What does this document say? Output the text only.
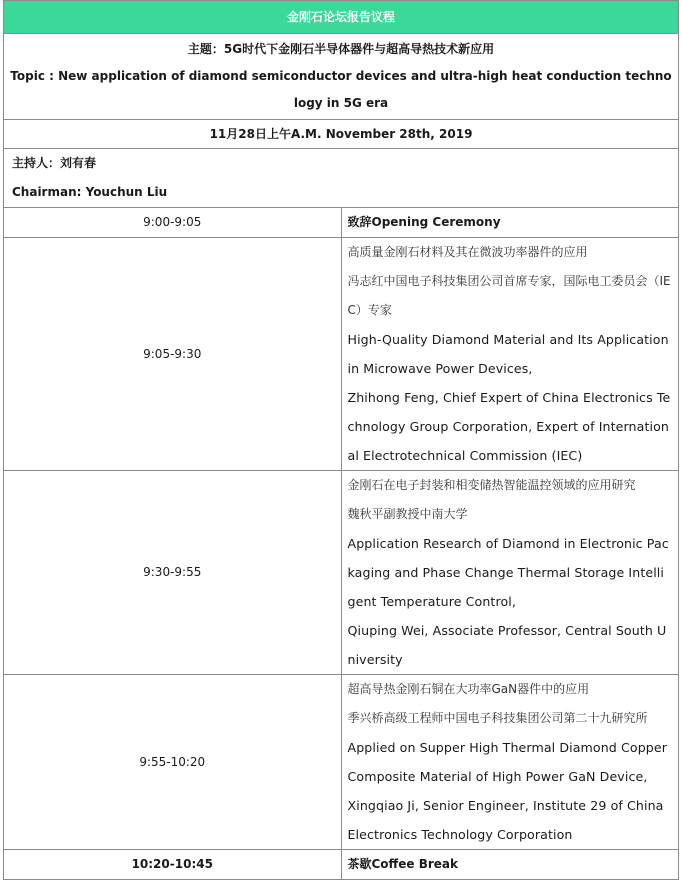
金刚石论坛报告议程	

主题：5G时代下金刚石半导体器件与超高导热技术新应用
Topic : New application of diamond semiconductor devices and ultra-high heat conduction technology in 5G era	

11月28日上午A.M. November 28th, 2019	

主持人：刘有春
Chairman: Youchun Liu	

9:00-9:05	致辞Opening Ceremony
9:05-9:30	高质量金刚石材料及其在微波功率器件的应用
冯志红中国电子科技集团公司首席专家，国际电工委员会（IEC）专家
High-Quality Diamond Material and Its Application in Microwave Power Devices,
Zhihong Feng, Chief Expert of China Electronics Technology Group Corporation, Expert of International Electrotechnical Commission (IEC)

9:30-9:55	金刚石在电子封装和相变储热智能温控领域的应用研究
魏秋平副教授中南大学
Application Research of Diamond in Electronic Packaging and Phase Change Thermal Storage Intelligent Temperature Control,
Qiuping Wei, Associate Professor, Central South University

9:55-10:20	超高导热金刚石铜在大功率GaN器件中的应用
季兴桥高级工程师中国电子科技集团公司第二十九研究所
Applied on Supper High Thermal Diamond Copper Composite Material of High Power GaN Device,
Xingqiao Ji, Senior Engineer, Institute 29 of China Electronics Technology Corporation

10:20-10:45	茶歇Coffee Break
